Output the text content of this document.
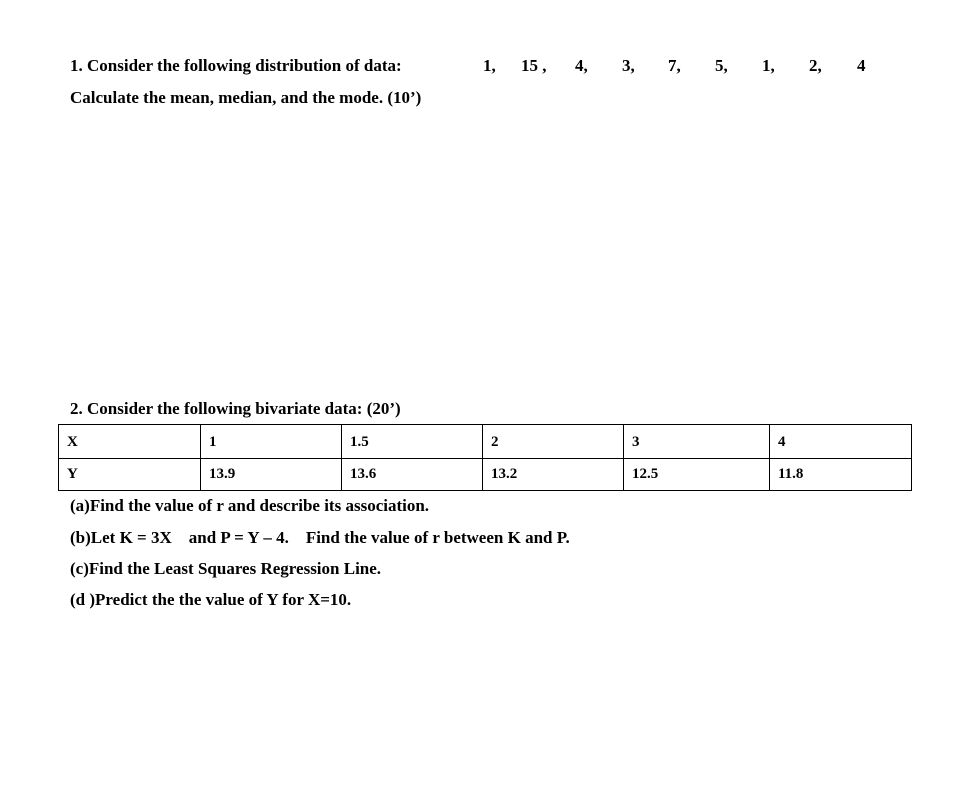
1. Consider the following distribution of data:	1, 15 , 4, 3, 7, 5, 1, 2, 4
Calculate the mean, median, and the mode. (10’)
2. Consider the following bivariate data: (20’)
X	1	1.5	2	3	4
Y	13.9	13.6	13.2	12.5	11.8
(a)Find the value of r and describe its association.
(b)Let K = 3X    and P = Y – 4.    Find the value of r between K and P.
(c)Find the Least Squares Regression Line.
(d )Predict the the value of Y for X=10.
